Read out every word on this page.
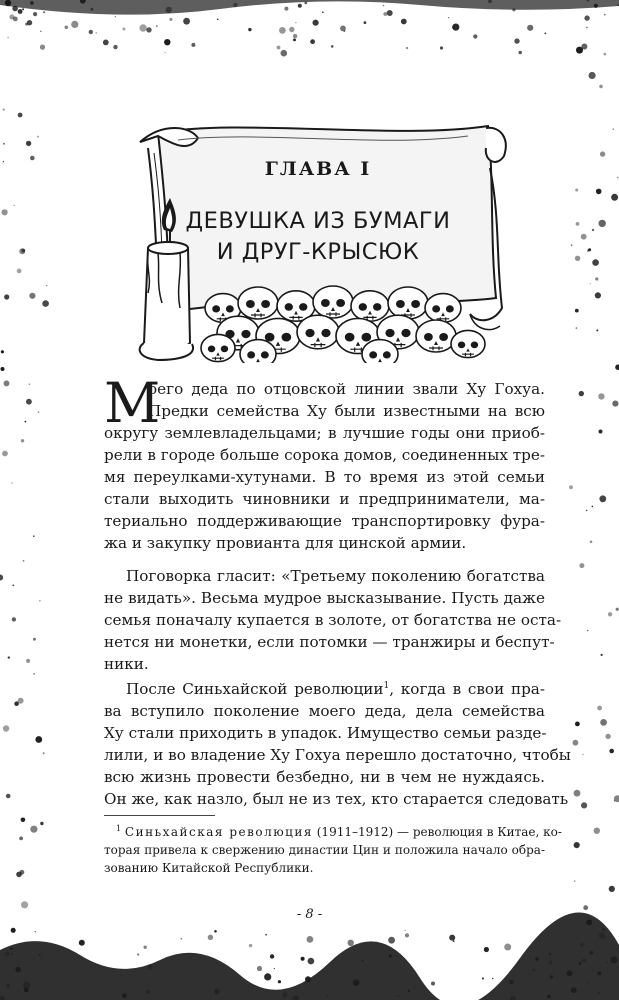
ГЛАВА I
ДЕВУШКА ИЗ БУМАГИ
И ДРУГ-КРЫСЮК
М
оего деда по отцовской линии звали Ху Гохуа.
Предки семейства Ху были известными на всю
округу землевладельцами; в лучшие годы они приоб-
рели в городе больше сорока домов, соединенных тре-
мя переулками-хутунами. В то время из этой семьи
стали выходить чиновники и предприниматели, ма-
териально поддерживающие транспортировку фура-
жа и закупку провианта для цинской армии.
Поговорка гласит: «Третьему поколению богатства
не видать». Весьма мудрое высказывание. Пусть даже
семья поначалу купается в золоте, от богатства не оста-
нется ни монетки, если потомки — транжиры и беспут-
ники.
После Синьхайской революции$^1$, когда в свои пра-
ва вступило поколение моего деда, дела семейства
Ху стали приходить в упадок. Имущество семьи разде-
лили, и во владение Ху Гохуа перешло достаточно, чтобы
всю жизнь провести безбедно, ни в чем не нуждаясь.
Он же, как назло, был не из тех, кто старается следовать
$^1$ Синьхайская революция (1911–1912) — революция в Китае, ко-
торая привела к свержению династии Цин и положила начало обра-
зованию Китайской Республики.
- 8 -
